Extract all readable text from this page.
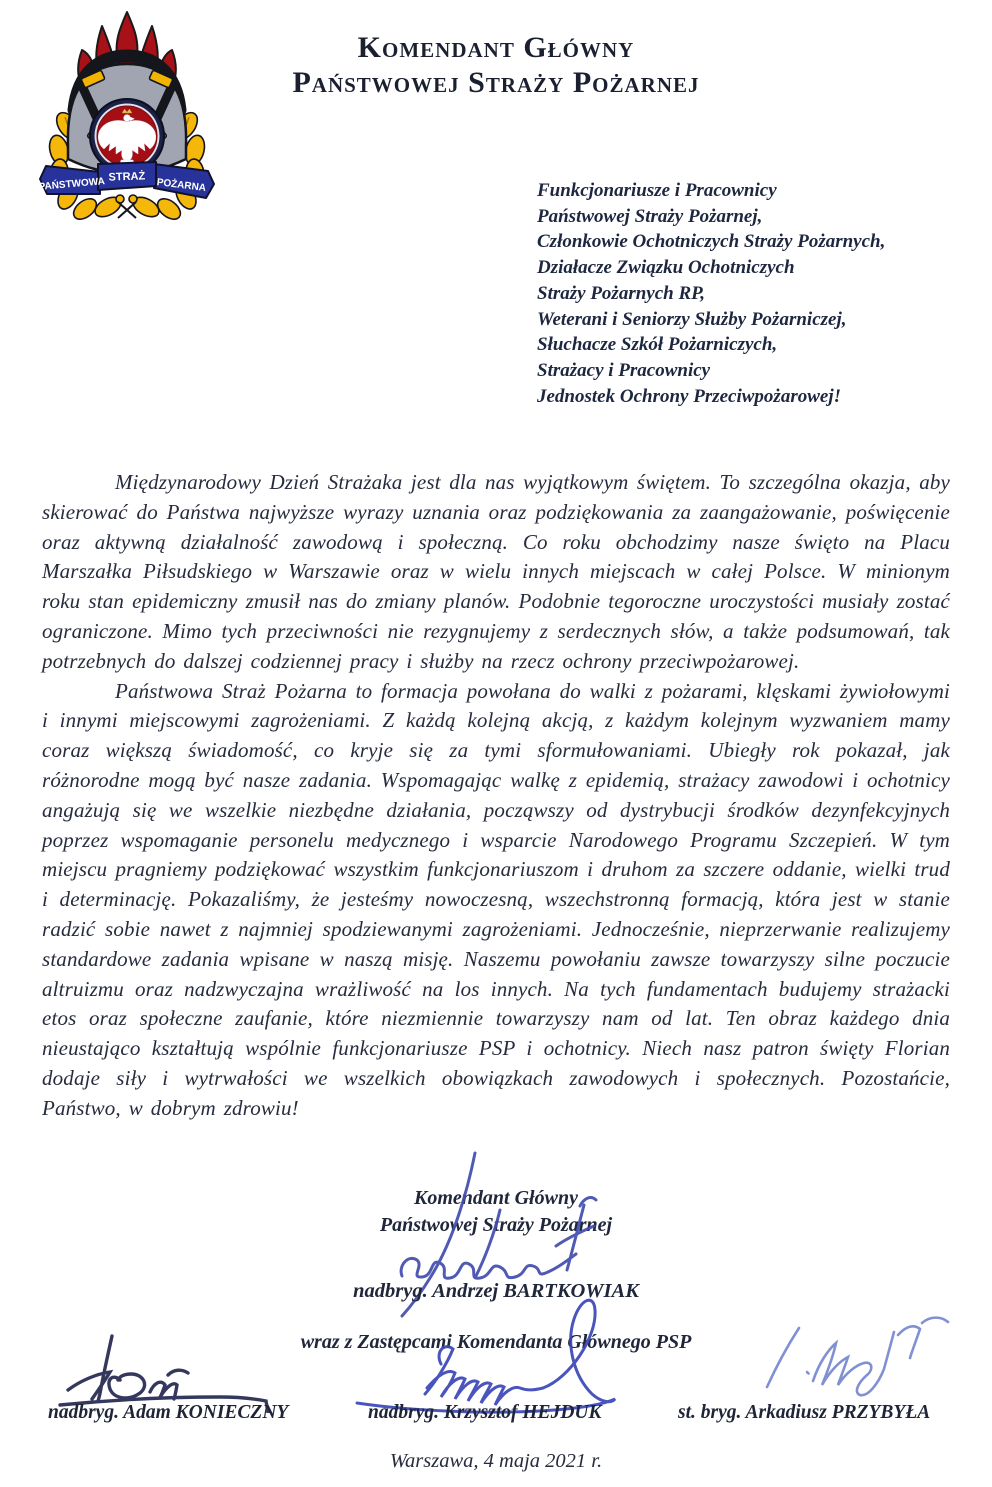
PAŃSTWOWA STRAŻ
POŻARNA
Komendant Główny
Państwowej Straży Pożarnej
Funkcjonariusze i Pracownicy
Państwowej Straży Pożarnej,
Członkowie Ochotniczych Straży Pożarnych,
Działacze Związku Ochotniczych
Straży Pożarnych RP,
Weterani i Seniorzy Służby Pożarniczej,
Słuchacze Szkół Pożarniczych,
Strażacy i Pracownicy
Jednostek Ochrony Przeciwpożarowej!

Międzynarodowy Dzień Strażaka jest dla nas wyjątkowym świętem. To szczególna okazja, aby skierować do Państwa najwyższe wyrazy uznania oraz podziękowania za zaangażowanie, poświęcenie oraz aktywną działalność zawodową i społeczną. Co roku obchodzimy nasze święto na Placu Marszałka Piłsudskiego w Warszawie oraz w wielu innych miejscach w całej Polsce. W minionym roku stan epidemiczny zmusił nas do zmiany planów. Podobnie tegoroczne uroczystości musiały zostać ograniczone. Mimo tych przeciwności nie rezygnujemy z serdecznych słów, a także podsumowań, tak potrzebnych do dalszej codziennej pracy i służby na rzecz ochrony przeciwpożarowej.

Państwowa Straż Pożarna to formacja powołana do walki z pożarami, klęskami żywiołowymi i innymi miejscowymi zagrożeniami. Z każdą kolejną akcją, z każdym kolejnym wyzwaniem mamy coraz większą świadomość, co kryje się za tymi sformułowaniami. Ubiegły rok pokazał, jak różnorodne mogą być nasze zadania. Wspomagając walkę z epidemią, strażacy zawodowi i ochotnicy angażują się we wszelkie niezbędne działania, począwszy od dystrybucji środków dezynfekcyjnych poprzez wspomaganie personelu medycznego i wsparcie Narodowego Programu Szczepień. W tym miejscu pragniemy podziękować wszystkim funkcjonariuszom i druhom za szczere oddanie, wielki trud i determinację. Pokazaliśmy, że jesteśmy nowoczesną, wszechstronną formacją, która jest w stanie radzić sobie nawet z najmniej spodziewanymi zagrożeniami. Jednocześnie, nieprzerwanie realizujemy standardowe zadania wpisane w naszą misję. Naszemu powołaniu zawsze towarzyszy silne poczucie altruizmu oraz nadzwyczajna wrażliwość na los innych. Na tych fundamentach budujemy strażacki etos oraz społeczne zaufanie, które niezmiennie towarzyszy nam od lat. Ten obraz każdego dnia nieustająco kształtują wspólnie funkcjonariusze PSP i ochotnicy. Niech nasz patron święty Florian dodaje siły i wytrwałości we wszelkich obowiązkach zawodowych i społecznych. Pozostańcie, Państwo, w dobrym zdrowiu!

Komendant Główny
Państwowej Straży Pożarnej
nadbryg. Andrzej BARTKOWIAK
wraz z Zastępcami Komendanta Głównego PSP
nadbryg. Adam KONIECZNY	nadbryg. Krzysztof HEJDUK	st. bryg. Arkadiusz PRZYBYŁA
Warszawa, 4 maja 2021 r.
